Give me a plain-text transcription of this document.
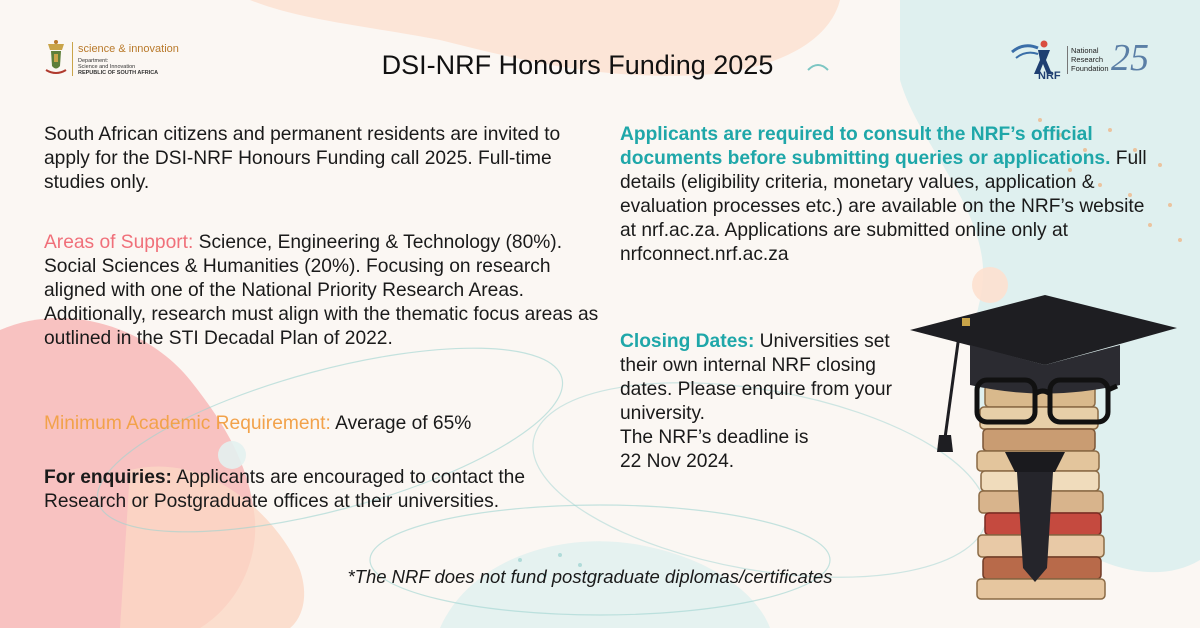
science & innovation
Department:
Science and Innovation
REPUBLIC OF SOUTH AFRICA	DSI-NRF Honours Funding 2025	NRF
National
Research
Foundation 25
South African citizens and permanent residents are invited to apply for the DSI-NRF Honours Funding call 2025. Full-time studies only.
Areas of Support: Science, Engineering & Technology (80%). Social Sciences & Humanities (20%). Focusing on research aligned with one of the National Priority Research Areas. Additionally, research must align with the thematic focus areas as outlined in the STI Decadal Plan of 2022.
Minimum Academic Requirement: Average of 65%
For enquiries: Applicants are encouraged to contact the Research or Postgraduate offices at their universities.
Applicants are required to consult the NRF’s official documents before submitting queries or applications. Full details (eligibility criteria, monetary values, application & evaluation processes etc.) are available on the NRF’s website at nrf.ac.za. Applications are submitted online only at nrfconnect.nrf.ac.za
Closing Dates: Universities set their own internal NRF closing dates. Please enquire from your university.
The NRF’s deadline is
22 Nov 2024.
*The NRF does not fund postgraduate diplomas/certificates
